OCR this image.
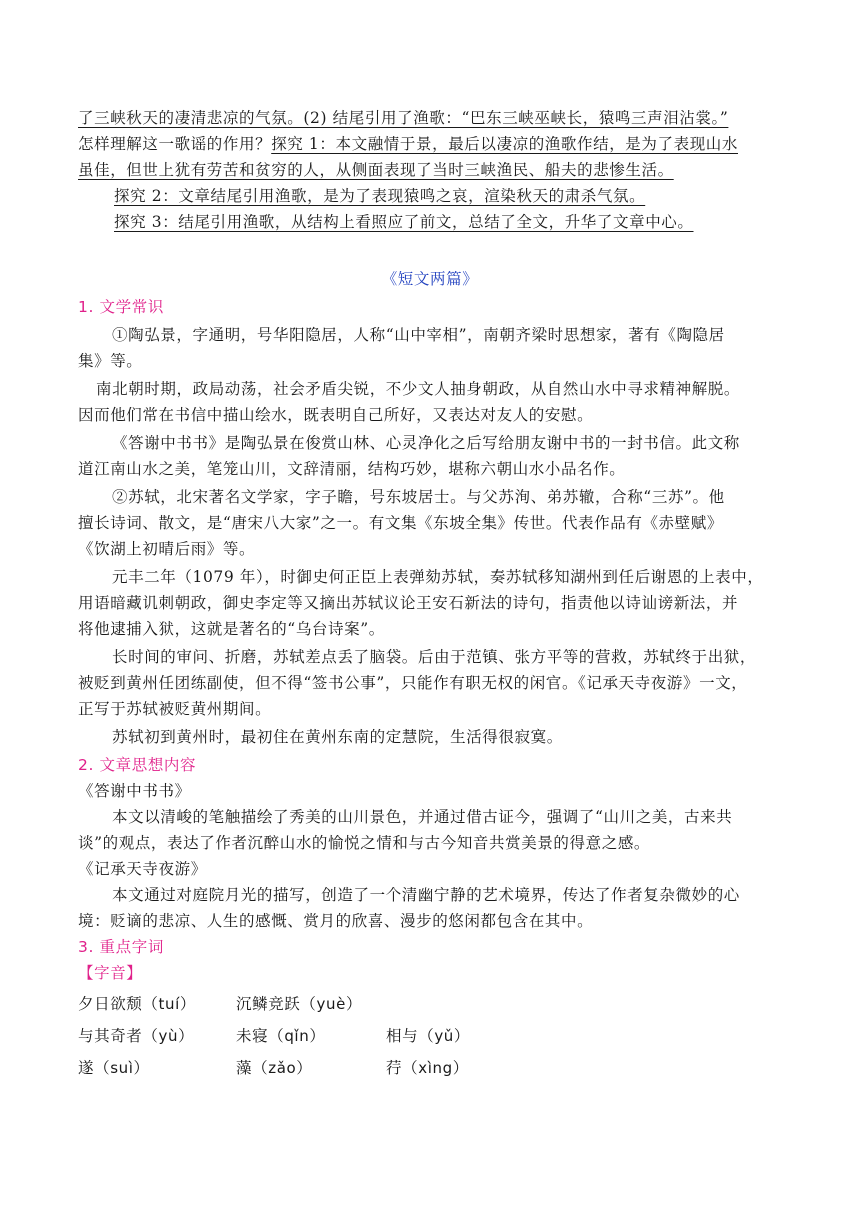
了三峡秋天的凄清悲凉的气氛。(2) 结尾引用了渔歌：“巴东三峡巫峡长，猿鸣三声泪沾裳。”
怎样理解这一歌谣的作用？探究 1：本文融情于景，最后以凄凉的渔歌作结，是为了表现山水
虽佳，但世上犹有劳苦和贫穷的人，从侧面表现了当时三峡渔民、船夫的悲惨生活。
探究 2：文章结尾引用渔歌，是为了表现猿鸣之哀，渲染秋天的肃杀气氛。
探究 3：结尾引用渔歌，从结构上看照应了前文，总结了全文，升华了文章中心。
《短文两篇》
1. 文学常识
①陶弘景，字通明，号华阳隐居，人称“山中宰相”，南朝齐梁时思想家，著有《陶隐居
集》等。
南北朝时期，政局动荡，社会矛盾尖锐，不少文人抽身朝政，从自然山水中寻求精神解脱。
因而他们常在书信中描山绘水，既表明自己所好，又表达对友人的安慰。
《答谢中书书》是陶弘景在俊赏山林、心灵净化之后写给朋友谢中书的一封书信。此文称
道江南山水之美，笔笼山川，文辞清丽，结构巧妙，堪称六朝山水小品名作。
②苏轼，北宋著名文学家，字子瞻，号东坡居士。与父苏洵、弟苏辙，合称“三苏”。他
擅长诗词、散文，是“唐宋八大家”之一。有文集《东坡全集》传世。代表作品有《赤壁赋》
《饮湖上初晴后雨》等。
元丰二年（1079 年），时御史何正臣上表弹劾苏轼，奏苏轼移知湖州到任后谢恩的上表中，
用语暗藏讥刺朝政，御史李定等又摘出苏轼议论王安石新法的诗句，指责他以诗讪谤新法，并
将他逮捕入狱，这就是著名的“乌台诗案”。
长时间的审问、折磨，苏轼差点丢了脑袋。后由于范镇、张方平等的营救，苏轼终于出狱，
被贬到黄州任团练副使，但不得“签书公事”，只能作有职无权的闲官。《记承天寺夜游》一文，
正写于苏轼被贬黄州期间。
苏轼初到黄州时，最初住在黄州东南的定慧院，生活得很寂寞。
2. 文章思想内容
《答谢中书书》
本文以清峻的笔触描绘了秀美的山川景色，并通过借古证今，强调了“山川之美，古来共
谈”的观点，表达了作者沉醉山水的愉悦之情和与古今知音共赏美景的得意之感。
《记承天寺夜游》
本文通过对庭院月光的描写，创造了一个清幽宁静的艺术境界，传达了作者复杂微妙的心
境：贬谪的悲凉、人生的感慨、赏月的欣喜、漫步的悠闲都包含在其中。
3. 重点字词
【字音】
夕日欲颓（tuí）	沉鳞竞跃（yuè）
与其奇者（yù）	未寝（qǐn）	相与（yǔ）
遂（suì）	藻（zǎo）	荇（xìng）
